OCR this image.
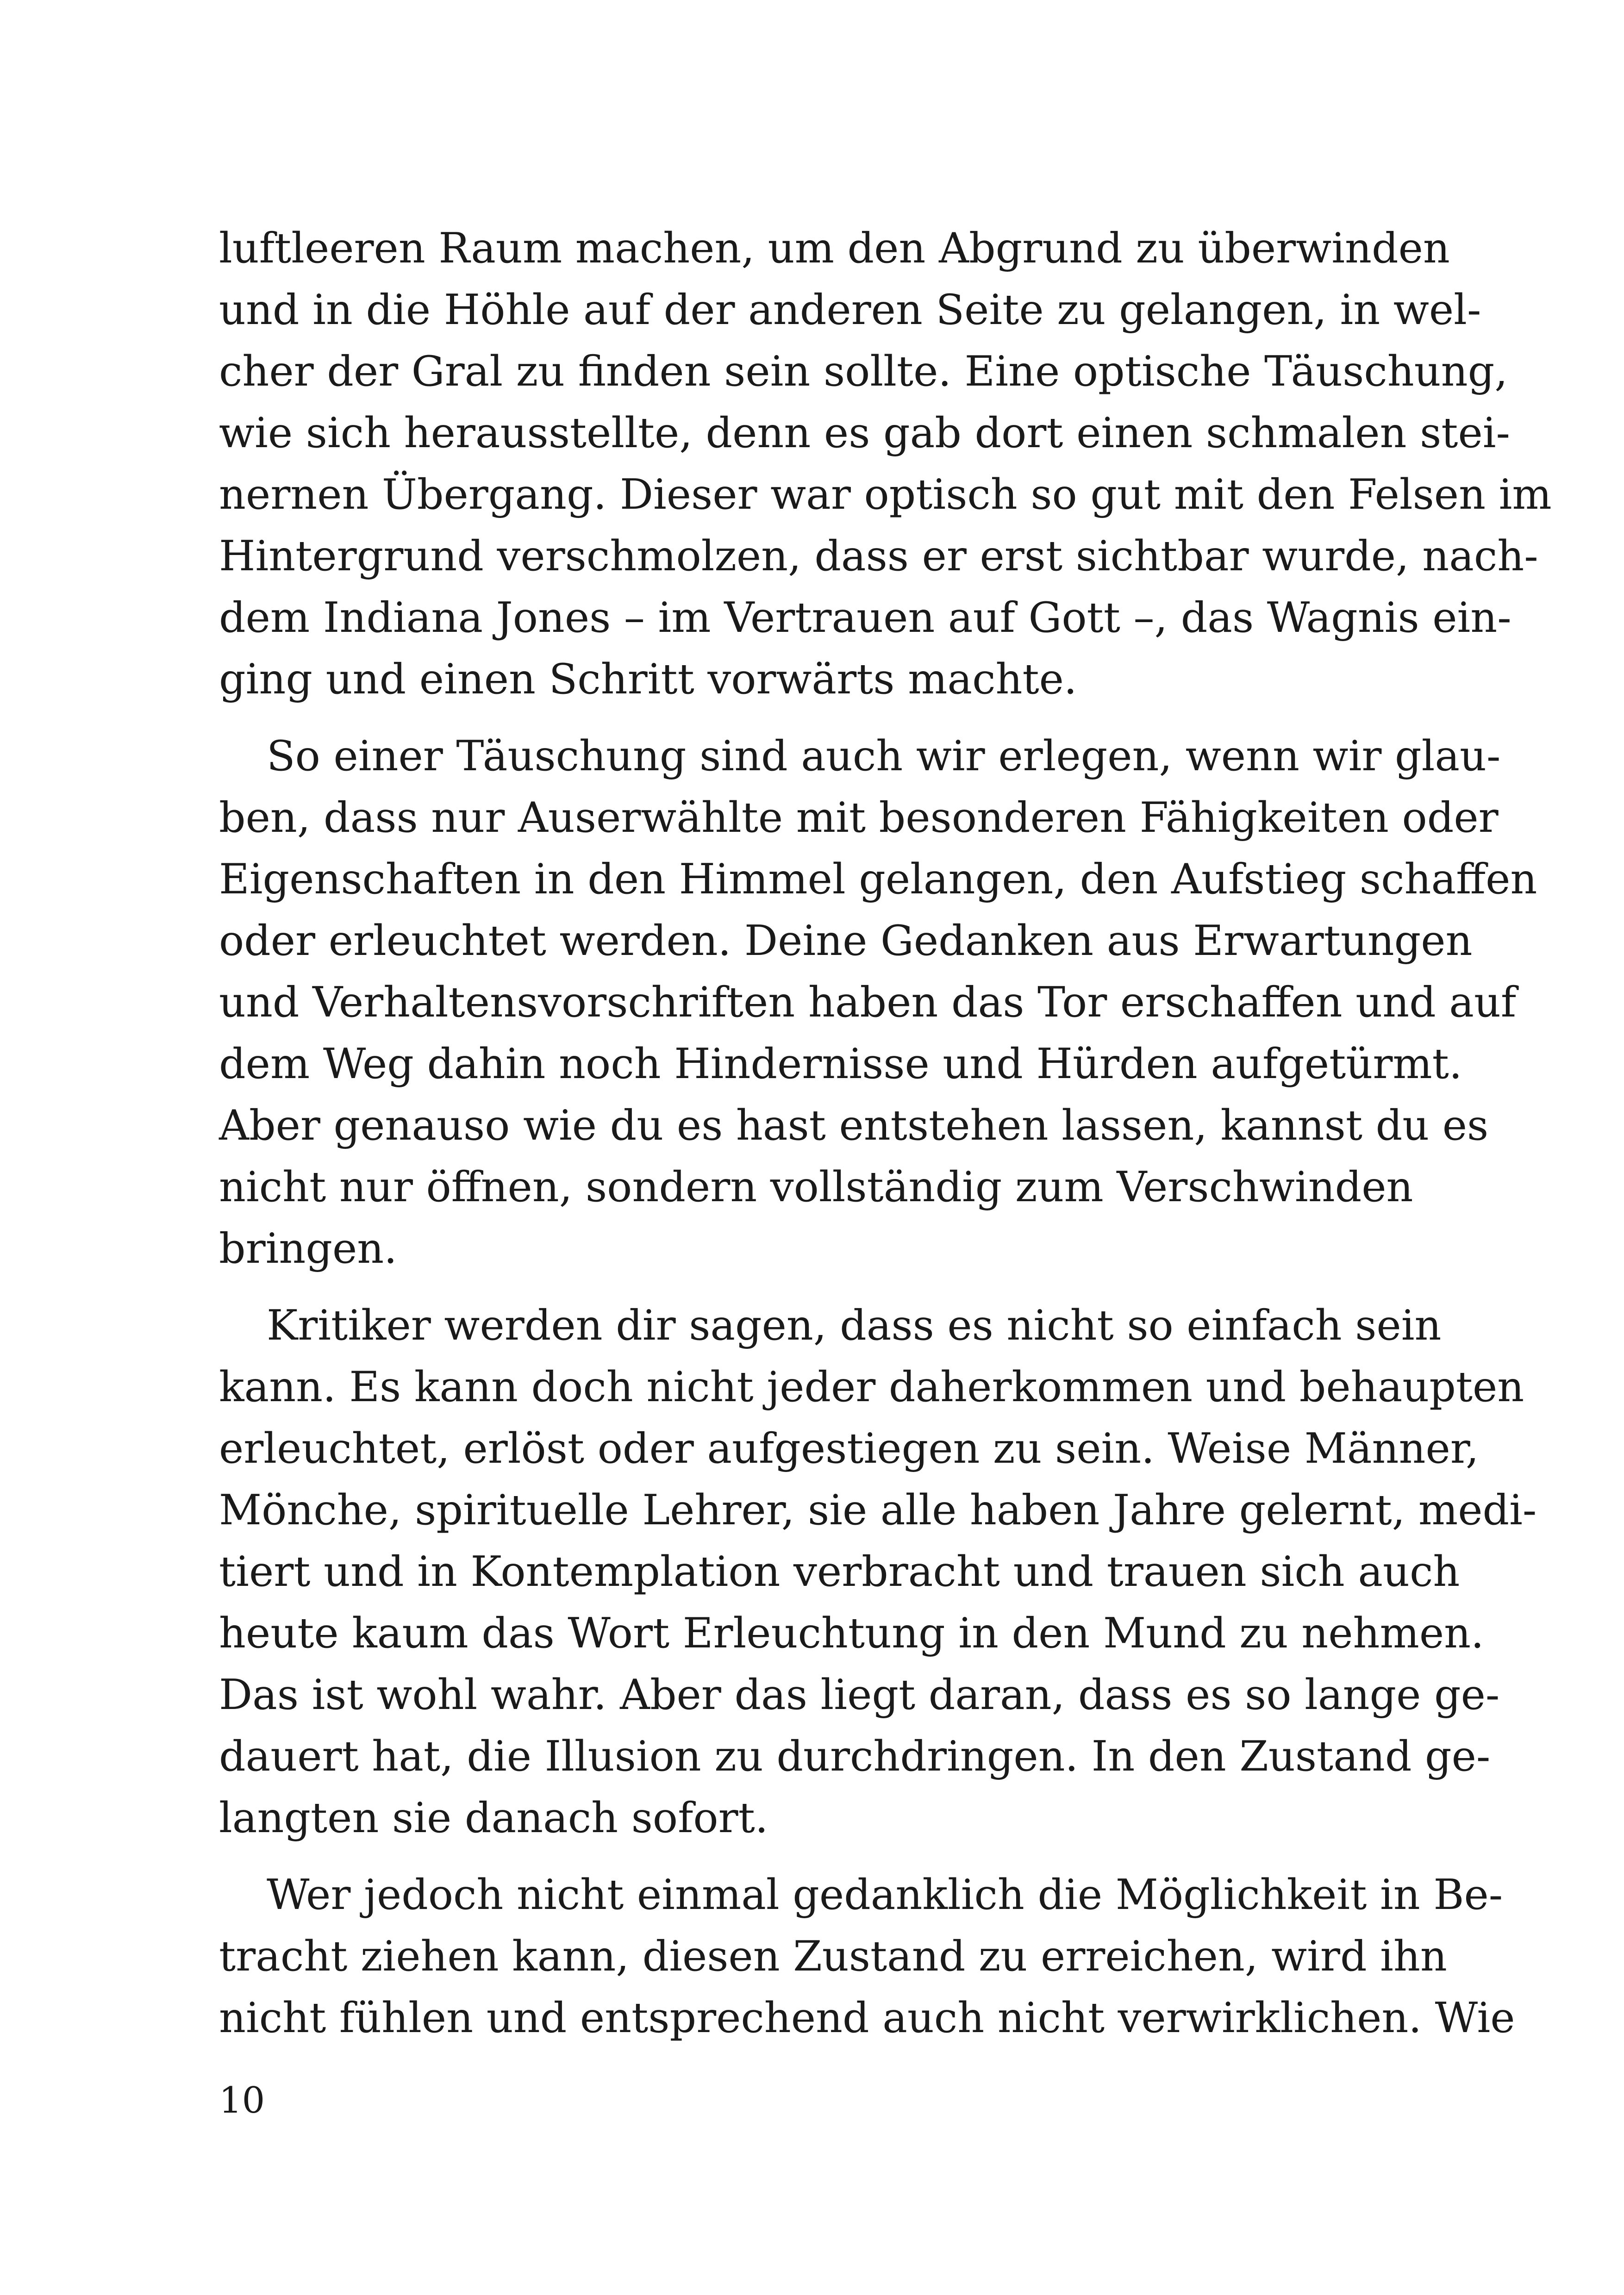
luftleeren Raum machen, um den Abgrund zu überwinden
und in die Höhle auf der anderen Seite zu gelangen, in wel-
cher der Gral zu finden sein sollte. Eine optische Täuschung,
wie sich herausstellte, denn es gab dort einen schmalen stei-
nernen Übergang. Dieser war optisch so gut mit den Felsen im
Hintergrund verschmolzen, dass er erst sichtbar wurde, nach-
dem Indiana Jones – im Vertrauen auf Gott –, das Wagnis ein-
ging und einen Schritt vorwärts machte.

So einer Täuschung sind auch wir erlegen, wenn wir glau-
ben, dass nur Auserwählte mit besonderen Fähigkeiten oder
Eigenschaften in den Himmel gelangen, den Aufstieg schaffen
oder erleuchtet werden. Deine Gedanken aus Erwartungen
und Verhaltensvorschriften haben das Tor erschaffen und auf
dem Weg dahin noch Hindernisse und Hürden aufgetürmt.
Aber genauso wie du es hast entstehen lassen, kannst du es
nicht nur öffnen, sondern vollständig zum Verschwinden
bringen.

Kritiker werden dir sagen, dass es nicht so einfach sein
kann. Es kann doch nicht jeder daherkommen und behaupten
erleuchtet, erlöst oder aufgestiegen zu sein. Weise Männer,
Mönche, spirituelle Lehrer, sie alle haben Jahre gelernt, medi-
tiert und in Kontemplation verbracht und trauen sich auch
heute kaum das Wort Erleuchtung in den Mund zu nehmen.
Das ist wohl wahr. Aber das liegt daran, dass es so lange ge-
dauert hat, die Illusion zu durchdringen. In den Zustand ge-
langten sie danach sofort.

Wer jedoch nicht einmal gedanklich die Möglichkeit in Be-
tracht ziehen kann, diesen Zustand zu erreichen, wird ihn
nicht fühlen und entsprechend auch nicht verwirklichen. Wie

10
